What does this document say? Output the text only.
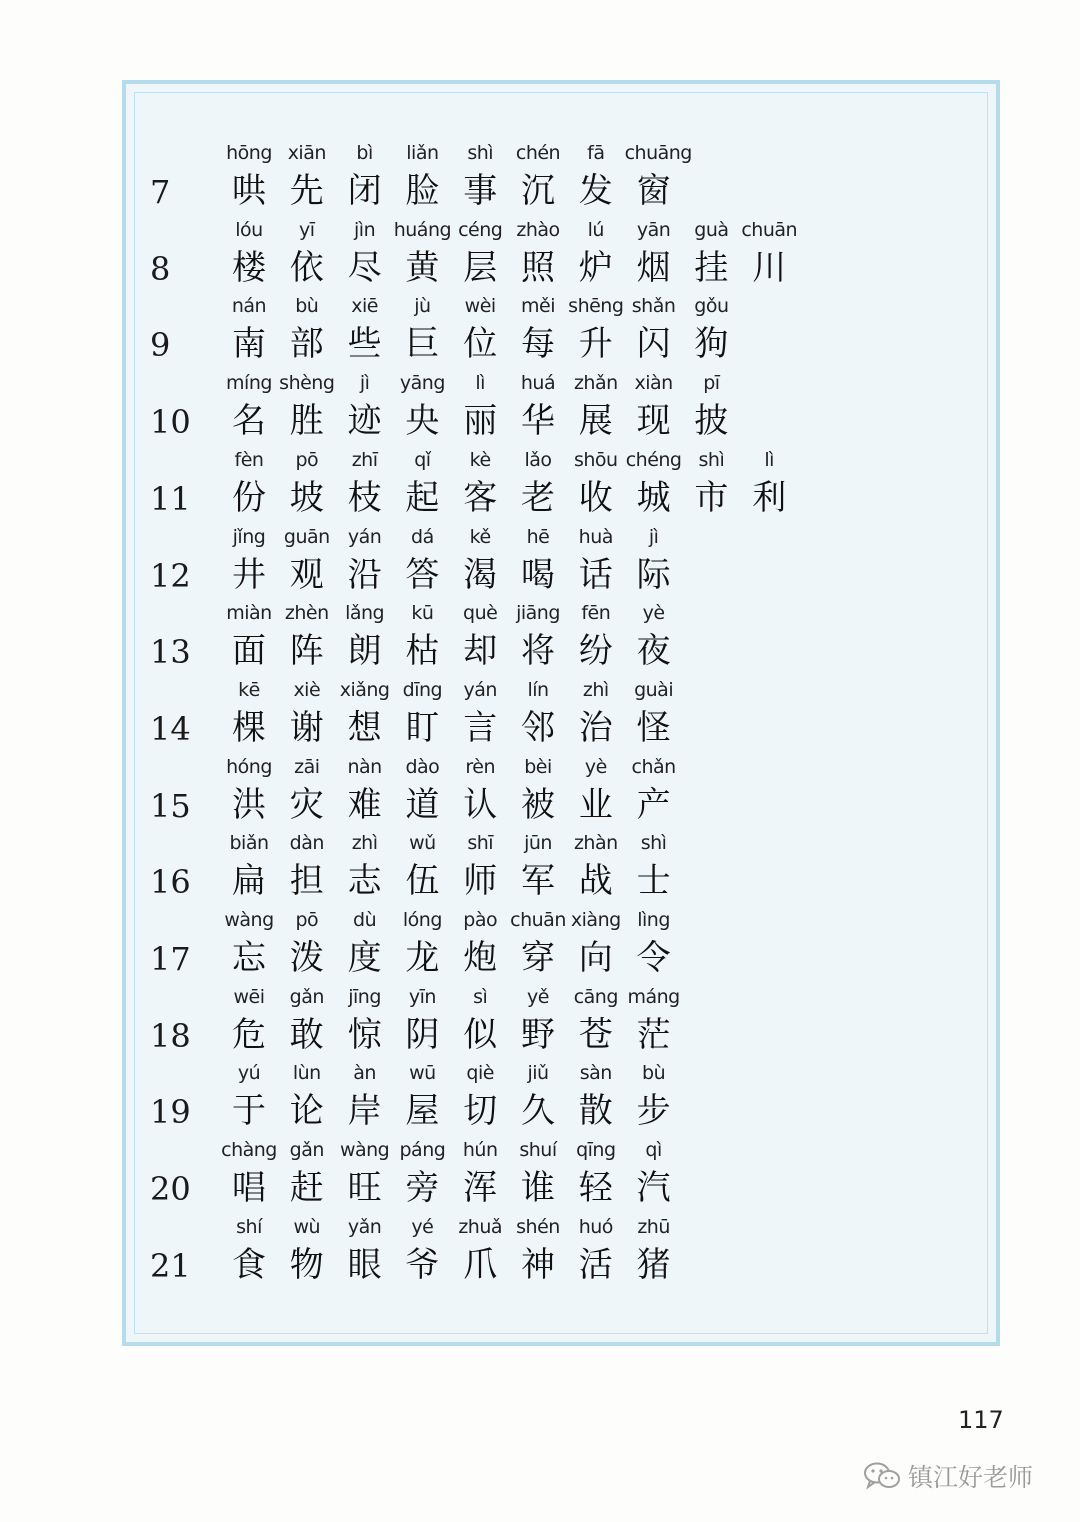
7
hōng
哄
xiān
先
bì
闭
liǎn
脸
shì
事
chén
沉
fā
发
chuāng
窗
8
lóu
楼
yī
依
jìn
尽
huáng
黄
céng
层
zhào
照
lú
炉
yān
烟
guà
挂
chuān
川
9
nán
南
bù
部
xiē
些
jù
巨
wèi
位
měi
每
shēng
升
shǎn
闪
gǒu
狗
10
míng
名
shèng
胜
jì
迹
yāng
央
lì
丽
huá
华
zhǎn
展
xiàn
现
pī
披
11
fèn
份
pō
坡
zhī
枝
qǐ
起
kè
客
lǎo
老
shōu
收
chéng
城
shì
市
lì
利
12
jǐng
井
guān
观
yán
沿
dá
答
kě
渴
hē
喝
huà
话
jì
际
13
miàn
面
zhèn
阵
lǎng
朗
kū
枯
què
却
jiāng
将
fēn
纷
yè
夜
14
kē
棵
xiè
谢
xiǎng
想
dīng
盯
yán
言
lín
邻
zhì
治
guài
怪
15
hóng
洪
zāi
灾
nàn
难
dào
道
rèn
认
bèi
被
yè
业
chǎn
产
16
biǎn
扁
dàn
担
zhì
志
wǔ
伍
shī
师
jūn
军
zhàn
战
shì
士
17
wàng
忘
pō
泼
dù
度
lóng
龙
pào
炮
chuān
穿
xiàng
向
lìng
令
18
wēi
危
gǎn
敢
jīng
惊
yīn
阴
sì
似
yě
野
cāng
苍
máng
茫
19
yú
于
lùn
论
àn
岸
wū
屋
qiè
切
jiǔ
久
sàn
散
bù
步
20
chàng
唱
gǎn
赶
wàng
旺
páng
旁
hún
浑
shuí
谁
qīng
轻
qì
汽
21
shí
食
wù
物
yǎn
眼
yé
爷
zhuǎ
爪
shén
神
huó
活
zhū
猪
117
镇江好老师
